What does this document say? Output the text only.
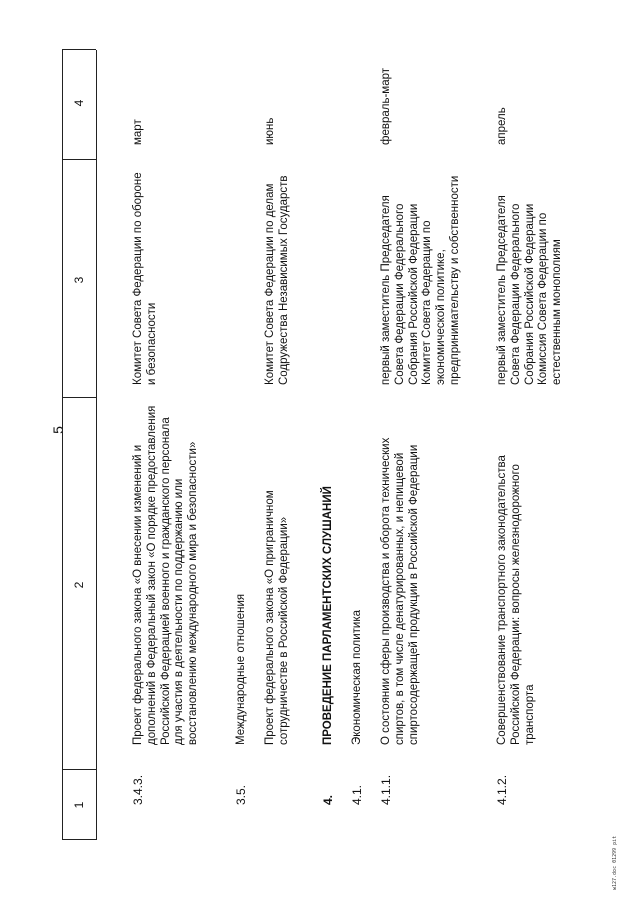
5
1
2
3
4
3.4.3.
Проект федерального закона «О внесении изменений и дополнений в Федеральный закон «О порядке предоставления Российской Федерацией военного и гражданского персонала для участия в деятельности по поддержанию или восстановлению международного мира и безопасности»
Комитет Совета Федерации по обороне и безопасности
март
3.5.
Международные отношения Проект федерального закона «О приграничном сотрудничестве в Российской Федерации»
Комитет Совета Федерации по делам Содружества Независимых Государств
июнь
4.
ПРОВЕДЕНИЕ ПАРЛАМЕНТСКИХ СЛУШАНИЙ
4.1.
Экономическая политика
4.1.1.
О состоянии сферы производства и оборота технических спиртов, в том числе денатурированных, и непищевой спиртосодержащей продукции в Российской Федерации
первый заместитель Председателя Совета Федерации Федерального Собрания Российской Федерации Комитет Совета Федерации по экономической политике, предпринимательству и собственности
февраль-март
4.1.2.
Совершенствование транспортного законодательства Российской Федерации: вопросы железнодорожного транспорта
первый заместитель Председателя Совета Федерации Федерального Собрания Российской Федерации Комиссия Совета Федерации по естественным монополиям
апрель
w127.doc 01299 pit
